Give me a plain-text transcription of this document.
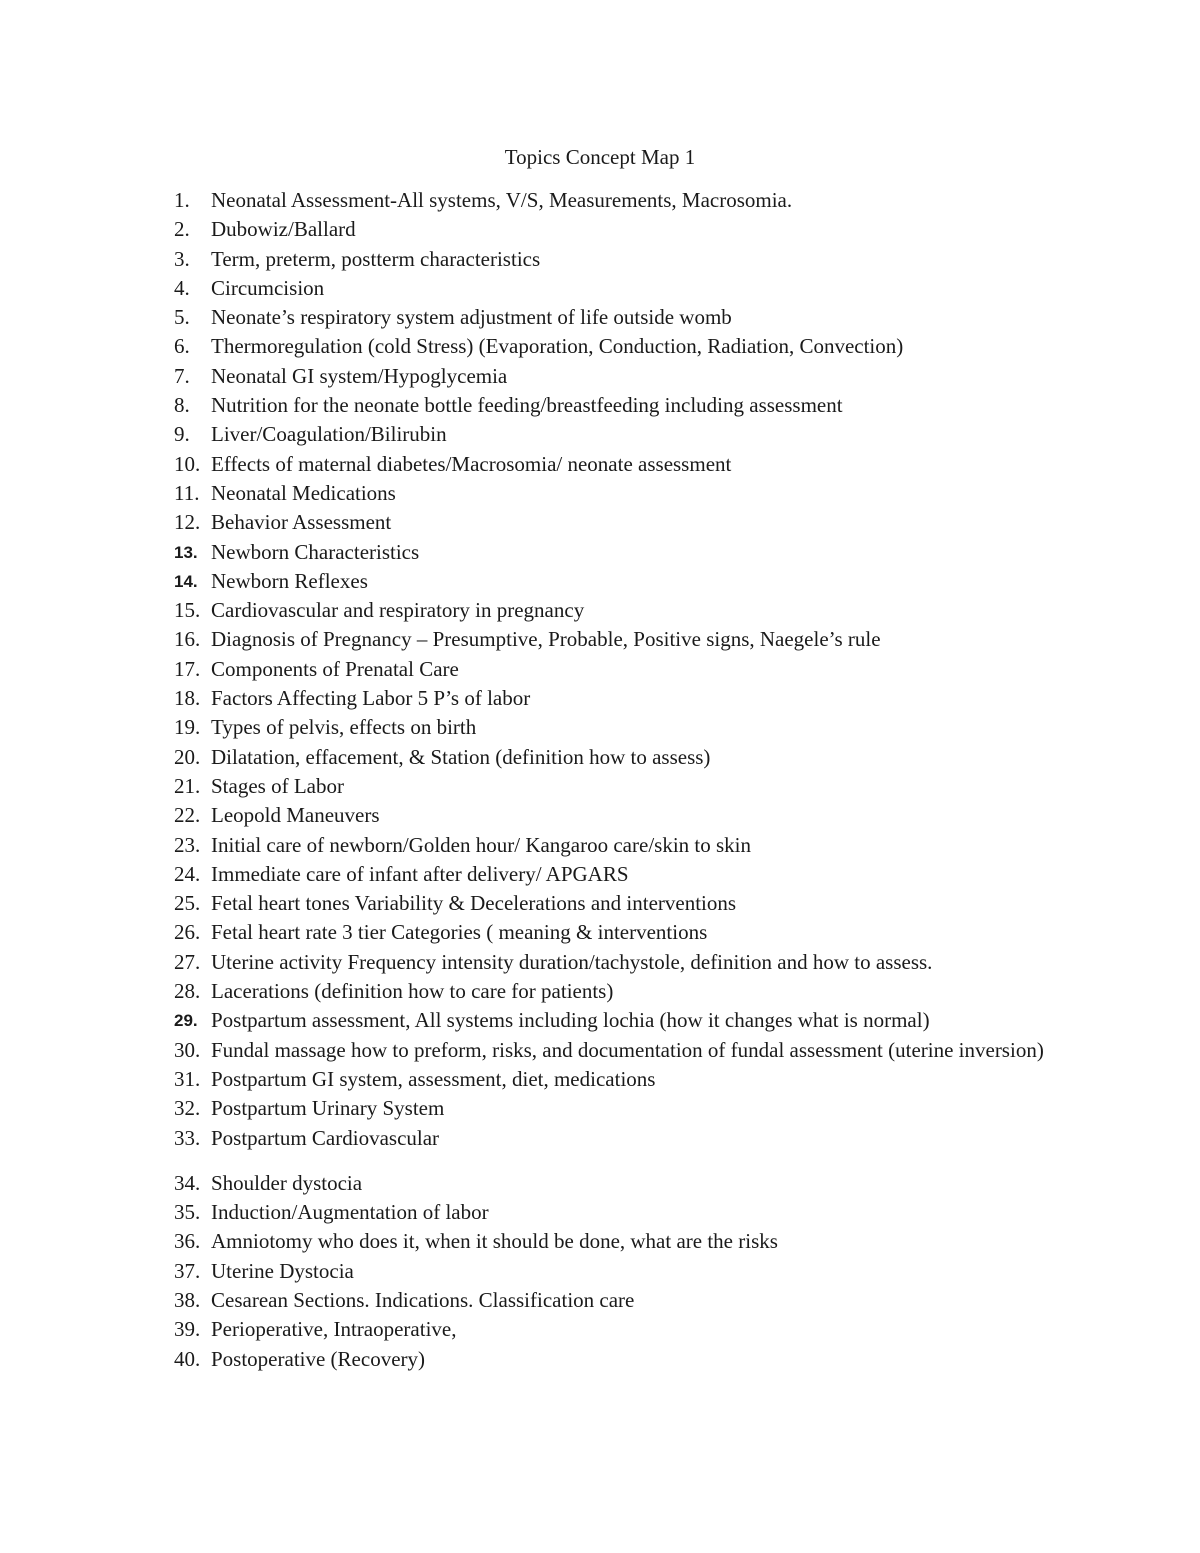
Topics Concept Map 1
1. Neonatal Assessment-All systems, V/S, Measurements, Macrosomia.
2. Dubowiz/Ballard
3. Term, preterm, postterm characteristics
4. Circumcision
5. Neonate’s respiratory system adjustment of life outside womb
6. Thermoregulation (cold Stress) (Evaporation, Conduction, Radiation, Convection)
7. Neonatal GI system/Hypoglycemia
8. Nutrition for the neonate bottle feeding/breastfeeding including assessment
9. Liver/Coagulation/Bilirubin
10. Effects of maternal diabetes/Macrosomia/ neonate assessment
11. Neonatal Medications
12. Behavior Assessment
13. Newborn Characteristics
14. Newborn Reflexes
15. Cardiovascular and respiratory in pregnancy
16. Diagnosis of Pregnancy – Presumptive, Probable, Positive signs, Naegele’s rule
17. Components of Prenatal Care
18. Factors Affecting Labor 5 P’s of labor
19. Types of pelvis, effects on birth
20. Dilatation, effacement, & Station (definition how to assess)
21. Stages of Labor
22. Leopold Maneuvers
23. Initial care of newborn/Golden hour/ Kangaroo care/skin to skin
24. Immediate care of infant after delivery/ APGARS
25. Fetal heart tones Variability & Decelerations and interventions
26. Fetal heart rate 3 tier Categories ( meaning & interventions
27. Uterine activity Frequency intensity duration/tachystole, definition and how to assess.
28. Lacerations (definition how to care for patients)
29. Postpartum assessment, All systems including lochia (how it changes what is normal)
30. Fundal massage how to preform, risks, and documentation of fundal assessment (uterine inversion)
31. Postpartum GI system, assessment, diet, medications
32. Postpartum Urinary System
33. Postpartum Cardiovascular
34. Shoulder dystocia
35. Induction/Augmentation of labor
36. Amniotomy who does it, when it should be done, what are the risks
37. Uterine Dystocia
38. Cesarean Sections. Indications. Classification care
39. Perioperative, Intraoperative,
40. Postoperative (Recovery)
